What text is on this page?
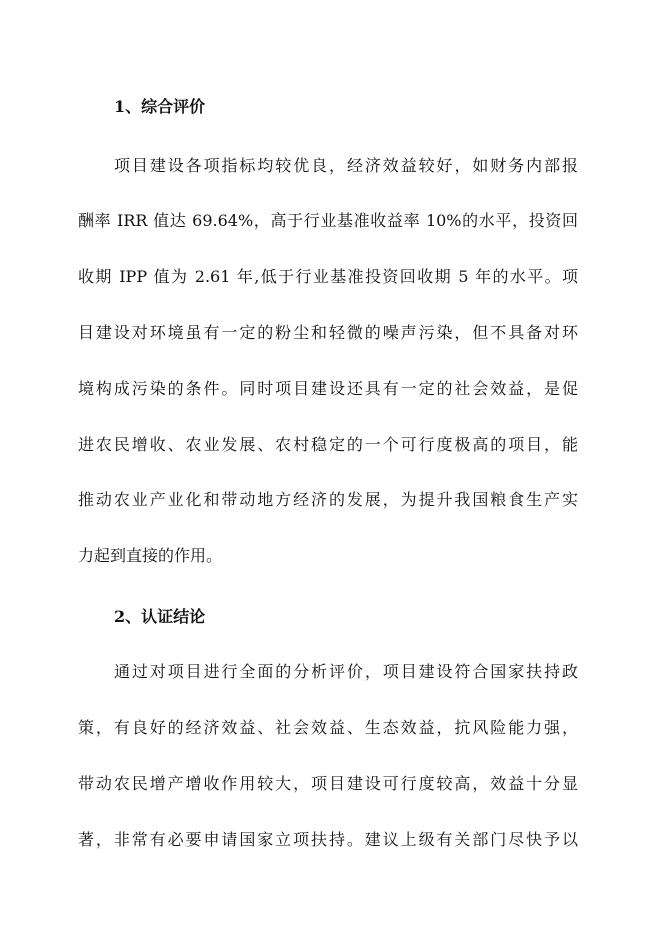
1、综合评价
项目建设各项指标均较优良，经济效益较好，如财务内部报
酬率 IRR 值达 69.64%，高于行业基准收益率 10%的水平，投资回
收期 IPP 值为 2.61 年,低于行业基准投资回收期 5 年的水平。项
目建设对环境虽有一定的粉尘和轻微的噪声污染，但不具备对环
境构成污染的条件。同时项目建设还具有一定的社会效益，是促
进农民增收、农业发展、农村稳定的一个可行度极高的项目，能
推动农业产业化和带动地方经济的发展，为提升我国粮食生产实
力起到直接的作用。
2、认证结论
通过对项目进行全面的分析评价，项目建设符合国家扶持政
策，有良好的经济效益、社会效益、生态效益，抗风险能力强，
带动农民增产增收作用较大，项目建设可行度较高，效益十分显
著，非常有必要申请国家立项扶持。建议上级有关部门尽快予以
